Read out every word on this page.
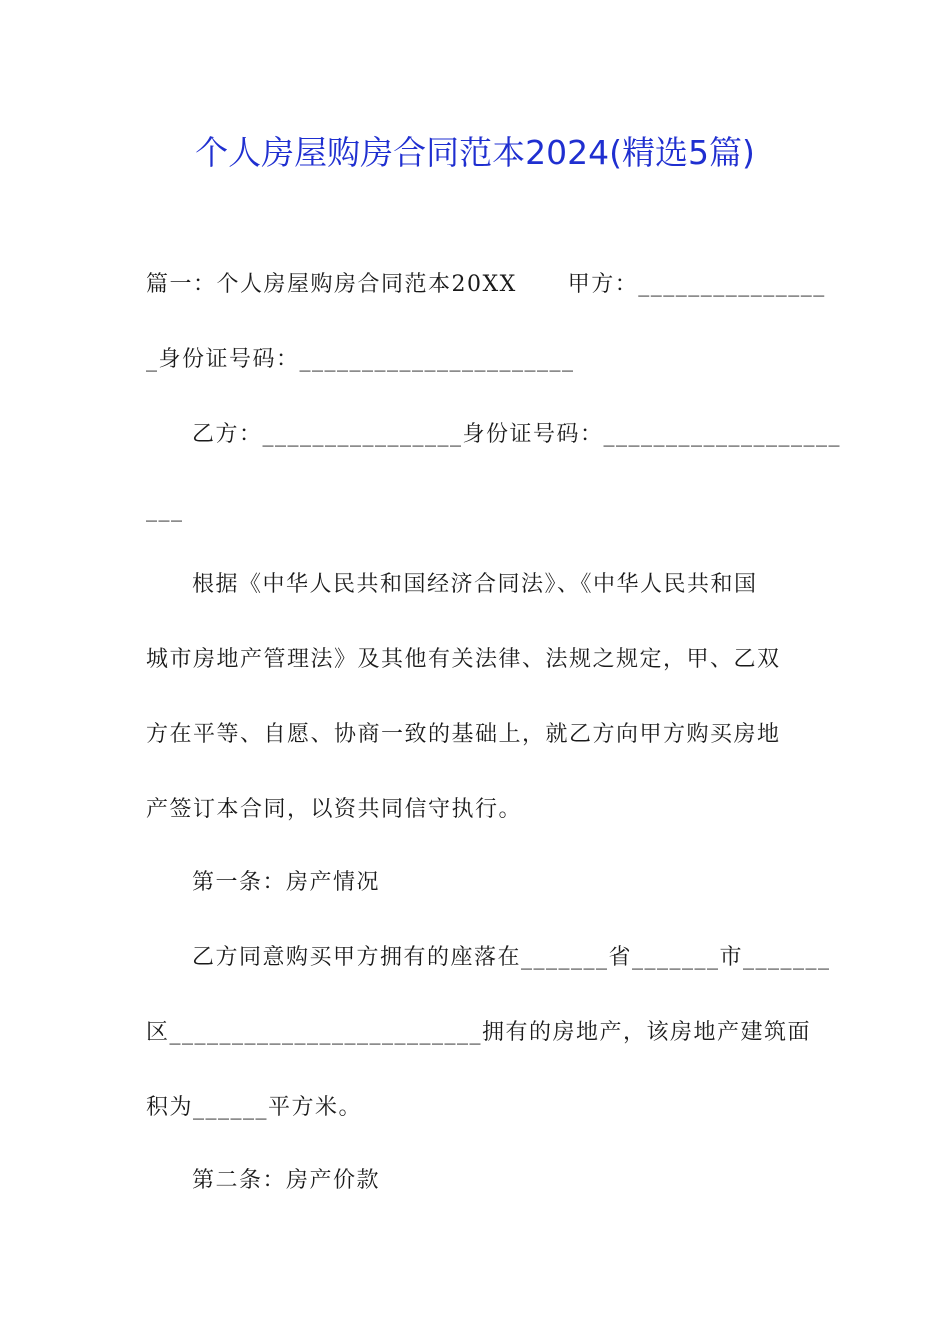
个人房屋购房合同范本2024(精选5篇)
篇一：个人房屋购房合同范本20XX      甲方：_______________
_身份证号码：______________________
乙方：________________身份证号码：___________________
___
根据《中华人民共和国经济合同法》、《中华人民共和国
城市房地产管理法》及其他有关法律、法规之规定，甲、乙双
方在平等、自愿、协商一致的基础上，就乙方向甲方购买房地
产签订本合同，以资共同信守执行。
第一条：房产情况
乙方同意购买甲方拥有的座落在_______省_______市_______
区_________________________拥有的房地产，该房地产建筑面
积为______平方米。
第二条：房产价款
